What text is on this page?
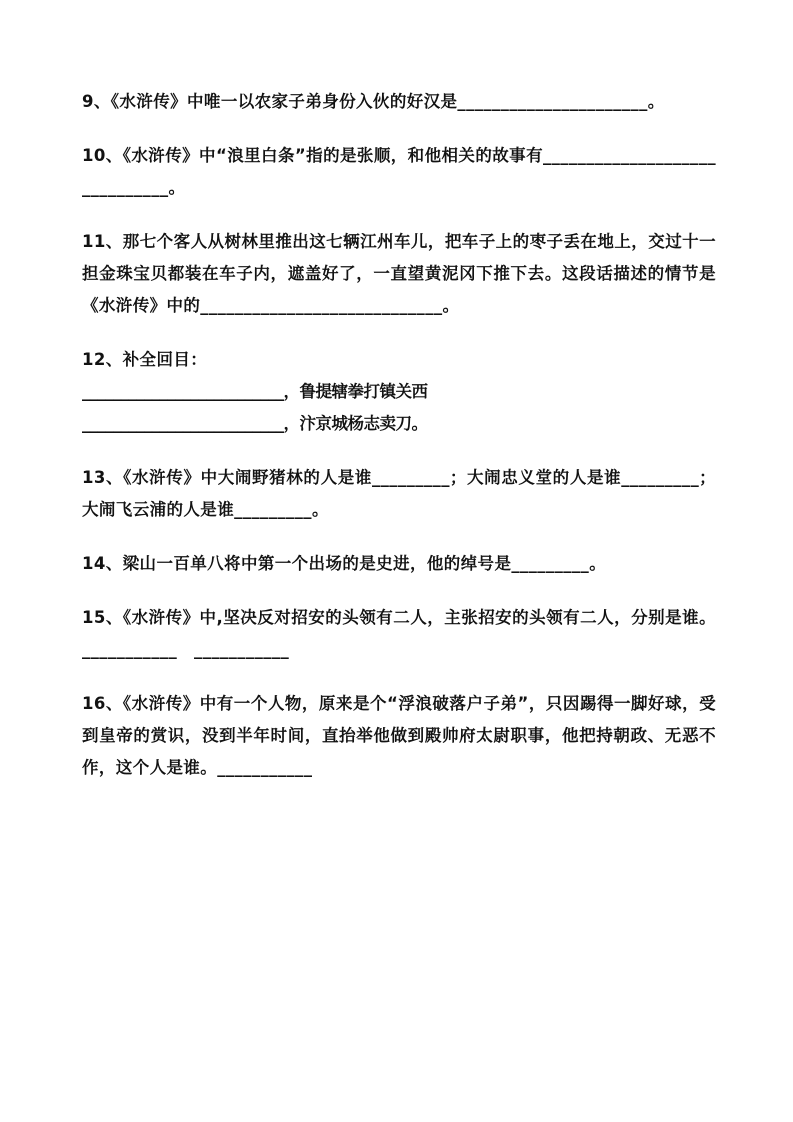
9、《水浒传》中唯一以农家子弟身份入伙的好汉是______________________。

10、《水浒传》中“浪里白条”指的是张顺，和他相关的故事有______________________________。

11、那七个客人从树林里推出这七辆江州车儿，把车子上的枣子丢在地上，交过十一担金珠宝贝都装在车子内，遮盖好了，一直望黄泥冈下推下去。这段话描述的情节是《水浒传》中的____________________________。

12、补全回目：
__________________________，鲁提辖拳打镇关西
__________________________，汴京城杨志卖刀。

13、《水浒传》中大闹野猪林的人是谁_________；大闹忠义堂的人是谁_________；大闹飞云浦的人是谁_________。

14、梁山一百单八将中第一个出场的是史进，他的绰号是_________。

15、《水浒传》中,坚决反对招安的头领有二人，主张招安的头领有二人，分别是谁。___________　___________

16、《水浒传》中有一个人物，原来是个“浮浪破落户子弟”，只因踢得一脚好球，受到皇帝的赏识，没到半年时间，直抬举他做到殿帅府太尉职事，他把持朝政、无恶不作，这个人是谁。___________
